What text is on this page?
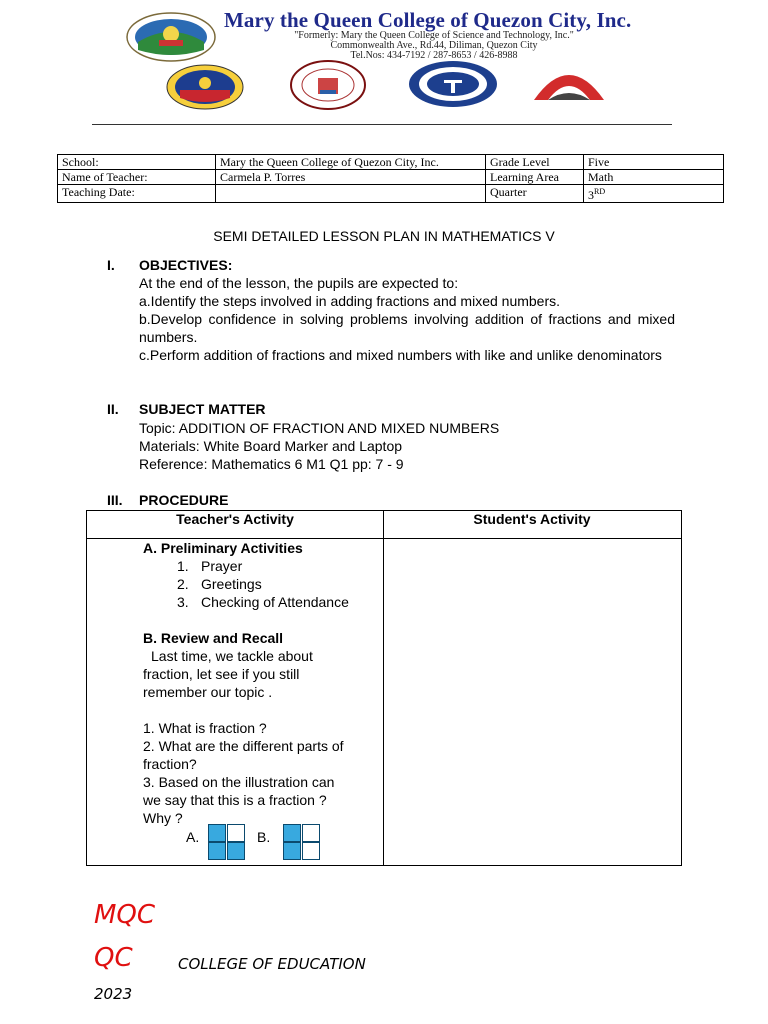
Mary the Queen College of Quezon City, Inc.
"Formerly: Mary the Queen College of Science and Technology, Inc."
Commonwealth Ave., Rd.44, Diliman, Quezon City
Tel.Nos: 434-7192 / 287-8653 / 426-8988
School:	Mary the Queen College of Quezon City, Inc.	Grade Level	Five
Name of Teacher:	Carmela P. Torres	Learning Area	Math
Teaching Date:		Quarter	3RD
SEMI DETAILED LESSON PLAN IN MATHEMATICS V
I. OBJECTIVES:

At the end of the lesson, the pupils are expected to:

a.Identify the steps involved in adding fractions and mixed numbers.

b.Develop confidence in solving problems involving addition of fractions and mixed numbers.

c.Perform addition of fractions and mixed numbers with like and unlike denominators

II. SUBJECT MATTER

Topic: ADDITION OF FRACTION AND MIXED NUMBERS

Materials: White Board Marker and Laptop

Reference: Mathematics 6 M1 Q1 pp: 7 - 9

III. PROCEDURE
Teacher's Activity	Student's Activity
A. Preliminary Activities
1. Prayer
2. Greetings
3. Checking of Attendance
B. Review and Recall
Last time, we tackle about
fraction, let see if you still
remember our topic .
1. What is fraction ?
2. What are the different parts of
fraction?
3. Based on the illustration can
we say that this is a fraction ?
Why ?
A.	B.
MQC
QC	COLLEGE OF EDUCATION
2023
